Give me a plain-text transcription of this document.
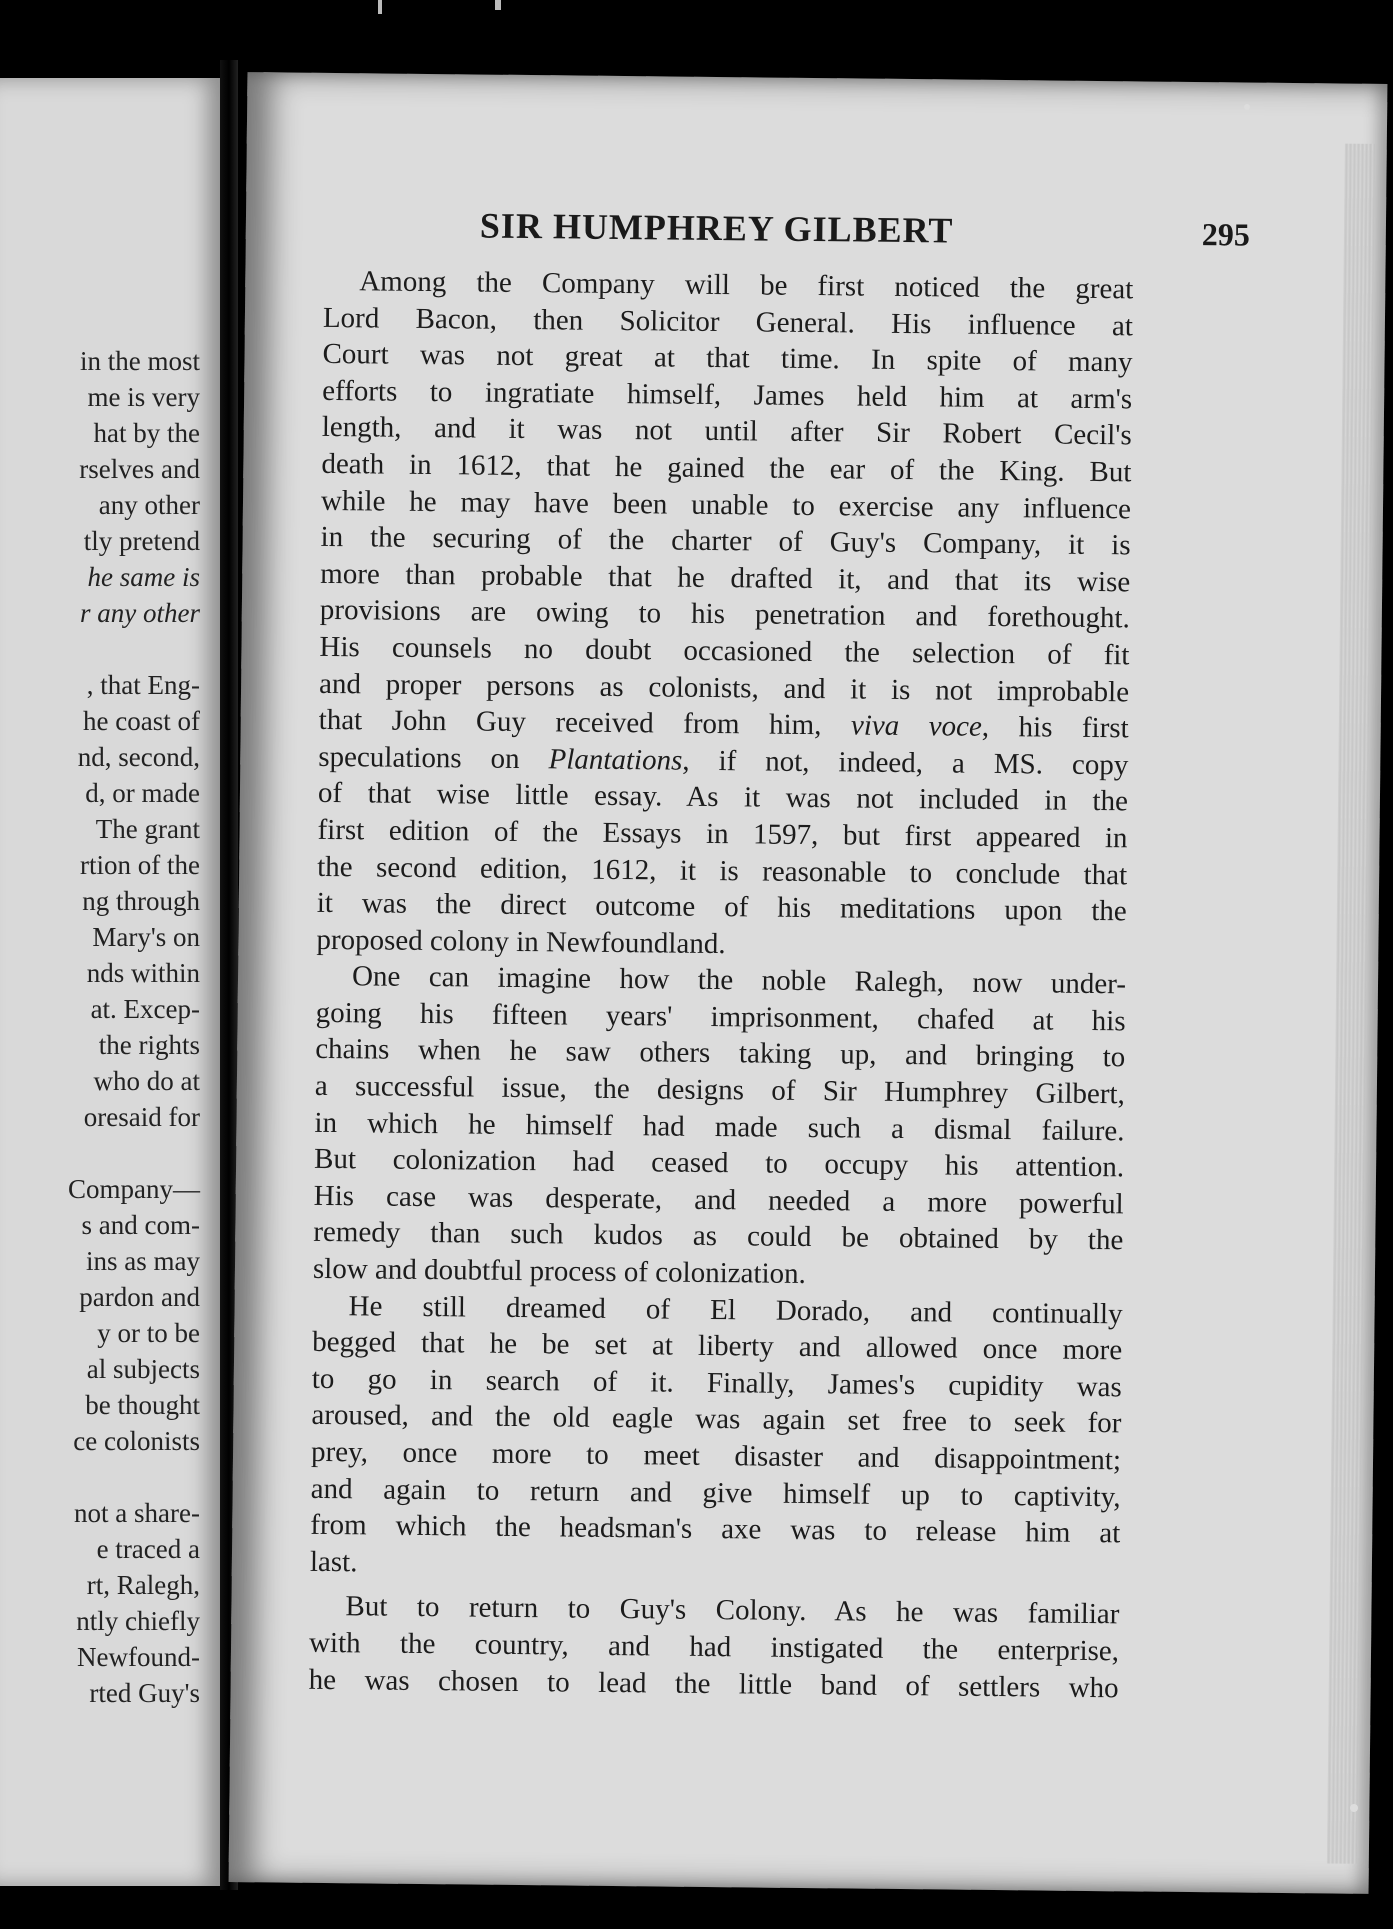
in the most
me is very
hat by the
rselves and
any other
tly pretend
he same is
r any other
, that Eng-
he coast of
nd, second,
d, or made
The grant
rtion of the
ng through
Mary's on
nds within
at. Excep-
the rights
who do at
oresaid for
Company—
s and com-
ins as may
pardon and
y or to be
al subjects
be thought
ce colonists
not a share-
e traced a
rt, Ralegh,
ntly chiefly
Newfound-
rted Guy's
SIR HUMPHREY GILBERT	295
Among the Company will be first noticed the great
Lord Bacon, then Solicitor General. His influence at
Court was not great at that time. In spite of many
efforts to ingratiate himself, James held him at arm's
length, and it was not until after Sir Robert Cecil's
death in 1612, that he gained the ear of the King. But
while he may have been unable to exercise any influence
in the securing of the charter of Guy's Company, it is
more than probable that he drafted it, and that its wise
provisions are owing to his penetration and forethought.
His counsels no doubt occasioned the selection of fit
and proper persons as colonists, and it is not improbable
that John Guy received from him, viva voce, his first
speculations on Plantations, if not, indeed, a MS. copy
of that wise little essay. As it was not included in the
first edition of the Essays in 1597, but first appeared in
the second edition, 1612, it is reasonable to conclude that
it was the direct outcome of his meditations upon the
proposed colony in Newfoundland.
One can imagine how the noble Ralegh, now under-
going his fifteen years' imprisonment, chafed at his
chains when he saw others taking up, and bringing to
a successful issue, the designs of Sir Humphrey Gilbert,
in which he himself had made such a dismal failure.
But colonization had ceased to occupy his attention.
His case was desperate, and needed a more powerful
remedy than such kudos as could be obtained by the
slow and doubtful process of colonization.
He still dreamed of El Dorado, and continually
begged that he be set at liberty and allowed once more
to go in search of it. Finally, James's cupidity was
aroused, and the old eagle was again set free to seek for
prey, once more to meet disaster and disappointment;
and again to return and give himself up to captivity,
from which the headsman's axe was to release him at
last.
But to return to Guy's Colony. As he was familiar
with the country, and had instigated the enterprise,
he was chosen to lead the little band of settlers who
